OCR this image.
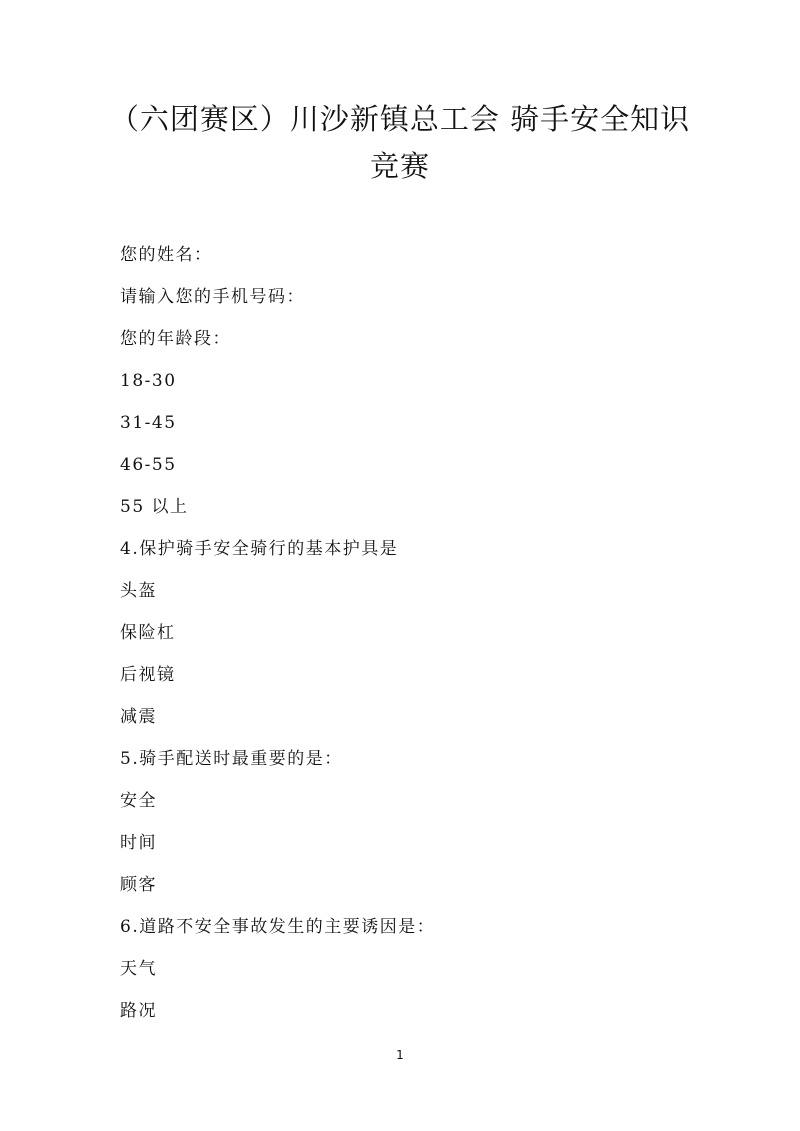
（六团赛区）川沙新镇总工会 骑手安全知识竞赛
您的姓名：
请输入您的手机号码：
您的年龄段：
18-30
31-45
46-55
55 以上
4.保护骑手安全骑行的基本护具是
头盔
保险杠
后视镜
减震
5.骑手配送时最重要的是：
安全
时间
顾客
6.道路不安全事故发生的主要诱因是：
天气
路况
1
